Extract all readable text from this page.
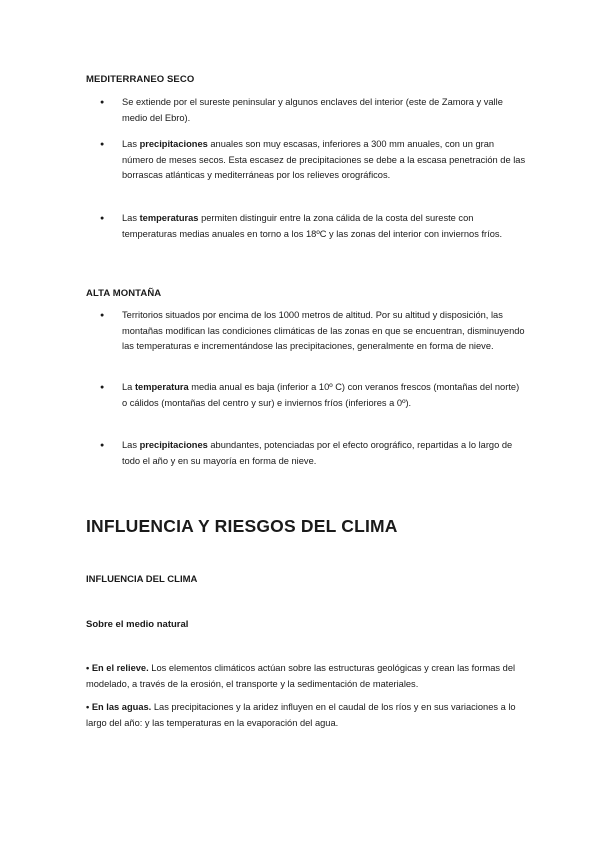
MEDITERRANEO SECO
● Se extiende por el sureste peninsular y algunos enclaves del interior (este de Zamora y valle medio del Ebro).
● Las precipitaciones anuales son muy escasas, inferiores a 300 mm anuales, con un gran número de meses secos. Esta escasez de precipitaciones se debe a la escasa penetración de las borrascas atlánticas y mediterráneas por los relieves orográficos.
● Las temperaturas permiten distinguir entre la zona cálida de la costa del sureste con temperaturas medias anuales en torno a los 18ºC y las zonas del interior con inviernos fríos.
ALTA MONTAÑA
● Territorios situados por encima de los 1000 metros de altitud. Por su altitud y disposición, las montañas modifican las condiciones climáticas de las zonas en que se encuentran, disminuyendo las temperaturas e incrementándose las precipitaciones, generalmente en forma de nieve.
● La temperatura media anual es baja (inferior a 10º C) con veranos frescos (montañas del norte) o cálidos (montañas del centro y sur) e inviernos fríos (inferiores a 0º).
● Las precipitaciones abundantes, potenciadas por el efecto orográfico, repartidas a lo largo de todo el año y en su mayoría en forma de nieve.
INFLUENCIA Y RIESGOS DEL CLIMA
INFLUENCIA DEL CLIMA
Sobre el medio natural

• En el relieve. Los elementos climáticos actúan sobre las estructuras geológicas y crean las formas del modelado, a través de la erosión, el transporte y la sedimentación de materiales.

• En las aguas. Las precipitaciones y la aridez influyen en el caudal de los ríos y en sus variaciones a lo largo del año: y las temperaturas en la evaporación del agua.
